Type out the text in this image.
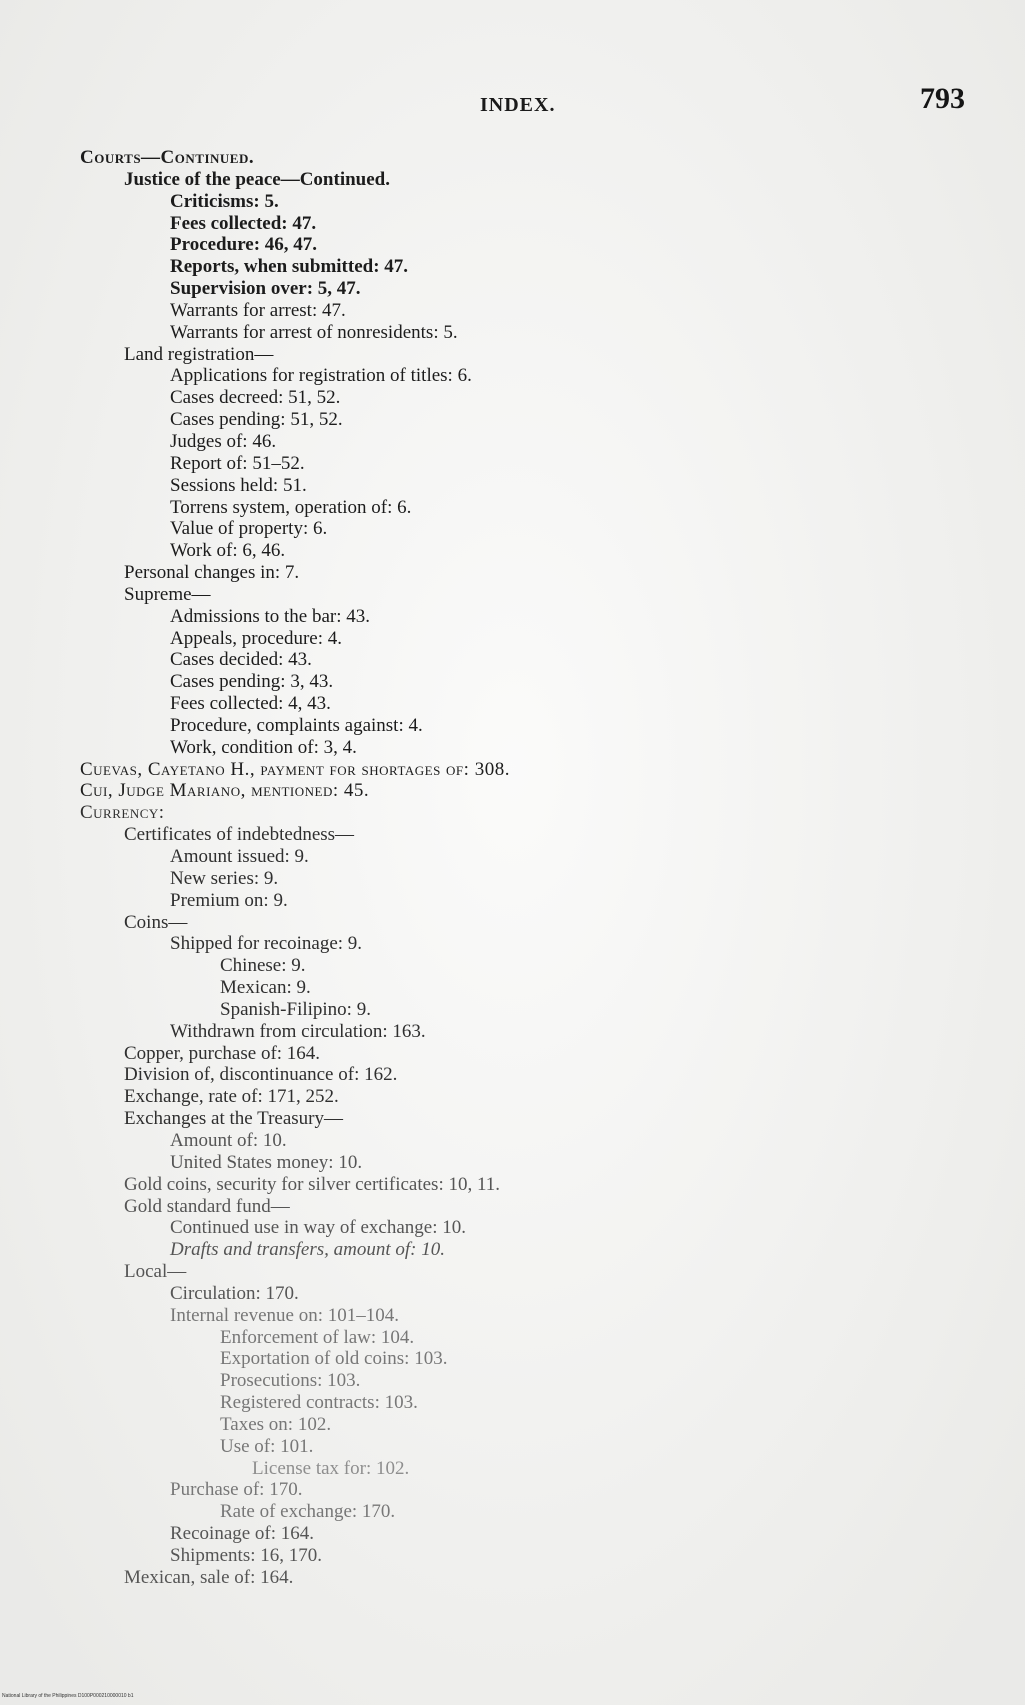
INDEX.	793
Courts—Continued.
Justice of the peace—Continued.
Criticisms: 5.
Fees collected: 47.
Procedure: 46, 47.
Reports, when submitted: 47.
Supervision over: 5, 47.
Warrants for arrest: 47.
Warrants for arrest of nonresidents: 5.
Land registration—
Applications for registration of titles: 6.
Cases decreed: 51, 52.
Cases pending: 51, 52.
Judges of: 46.
Report of: 51–52.
Sessions held: 51.
Torrens system, operation of: 6.
Value of property: 6.
Work of: 6, 46.
Personal changes in: 7.
Supreme—
Admissions to the bar: 43.
Appeals, procedure: 4.
Cases decided: 43.
Cases pending: 3, 43.
Fees collected: 4, 43.
Procedure, complaints against: 4.
Work, condition of: 3, 4.
Cuevas, Cayetano H., payment for shortages of: 308.
Cui, Judge Mariano, mentioned: 45.
Currency:
Certificates of indebtedness—
Amount issued: 9.
New series: 9.
Premium on: 9.
Coins—
Shipped for recoinage: 9.
Chinese: 9.
Mexican: 9.
Spanish-Filipino: 9.
Withdrawn from circulation: 163.
Copper, purchase of: 164.
Division of, discontinuance of: 162.
Exchange, rate of: 171, 252.
Exchanges at the Treasury—
Amount of: 10.
United States money: 10.
Gold coins, security for silver certificates: 10, 11.
Gold standard fund—
Continued use in way of exchange: 10.
Drafts and transfers, amount of: 10.
Local—
Circulation: 170.
Internal revenue on: 101–104.
Enforcement of law: 104.
Exportation of old coins: 103.
Prosecutions: 103.
Registered contracts: 103.
Taxes on: 102.
Use of: 101.
License tax for: 102.
Purchase of: 170.
Rate of exchange: 170.
Recoinage of: 164.
Shipments: 16, 170.
Mexican, sale of: 164.
National Library of the Philippines D100P000210000010 b1
